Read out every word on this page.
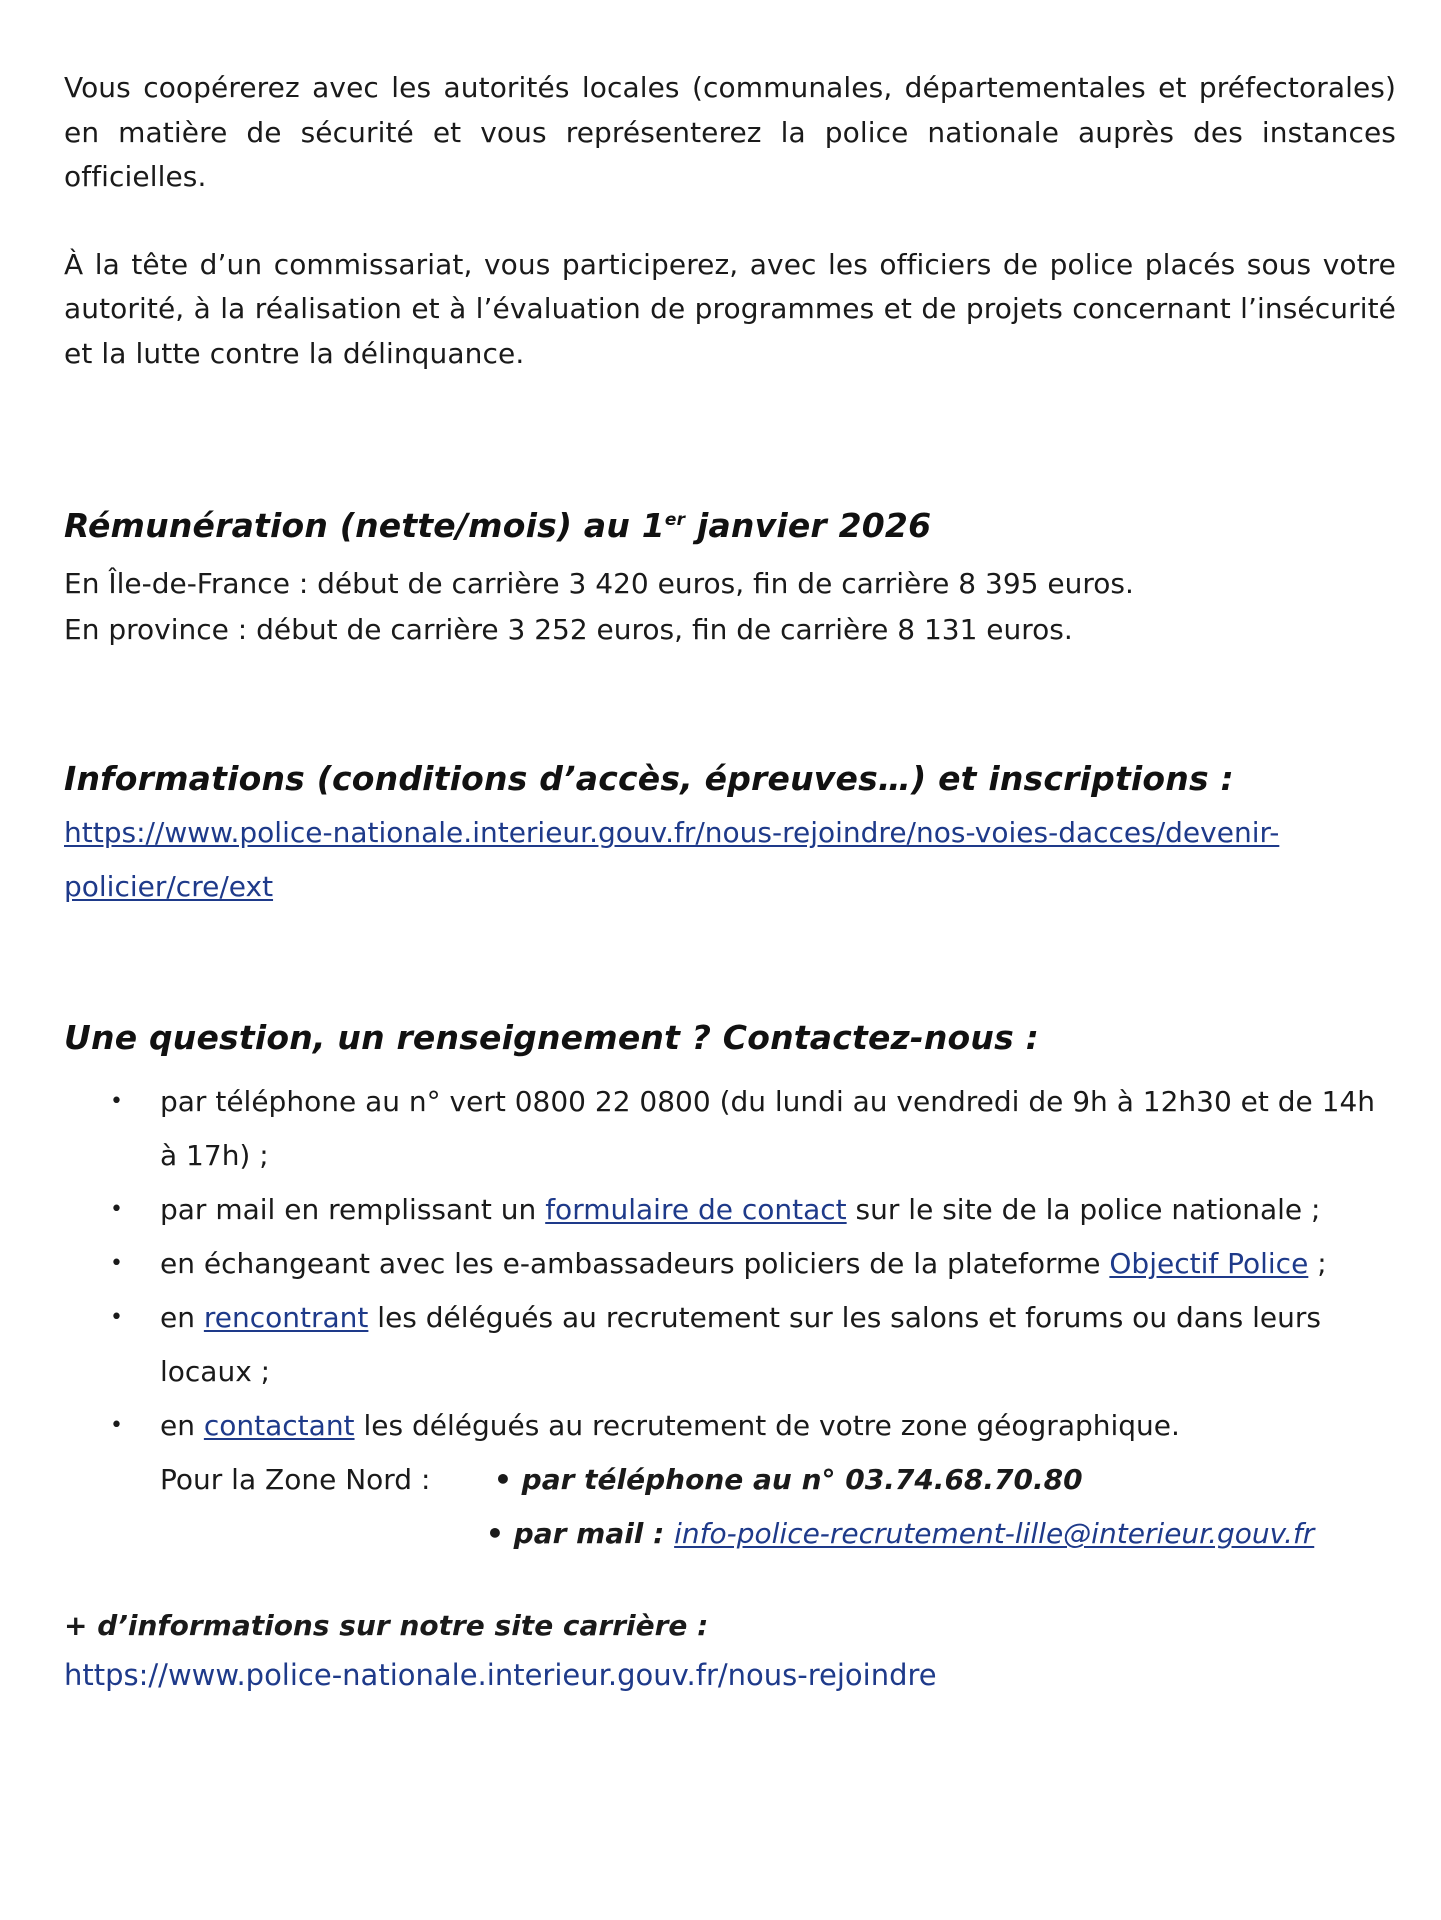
Vous coopérerez avec les autorités locales (communales, départementales et préfectorales) en matière de sécurité et vous représenterez la police nationale auprès des instances officielles.

À la tête d’un commissariat, vous participerez, avec les officiers de police placés sous votre autorité, à la réalisation et à l’évaluation de programmes et de projets concernant l’insécurité et la lutte contre la délinquance.

Rémunération (nette/mois) au 1er janvier 2026
En Île-de-France : début de carrière 3 420 euros, fin de carrière 8 395 euros.
En province : début de carrière 3 252 euros, fin de carrière 8 131 euros.
Informations (conditions d’accès, épreuves…) et inscriptions :
https://www.police-nationale.interieur.gouv.fr/nous-rejoindre/nos-voies-dacces/devenir-
policier/cre/ext
Une question, un renseignement ? Contactez-nous :
• par téléphone au n° vert 0800 22 0800 (du lundi au vendredi de 9h à 12h30 et de 14h à 17h) ;
• par mail en remplissant un formulaire de contact sur le site de la police nationale ;
• en échangeant avec les e-ambassadeurs policiers de la plateforme Objectif Police ;
• en rencontrant les délégués au recrutement sur les salons et forums ou dans leurs locaux ;
• en contactant les délégués au recrutement de votre zone géographique.
Pour la Zone Nord : • par téléphone au n° 03.74.68.70.80
• par mail : info-police-recrutement-lille@interieur.gouv.fr

+ d’informations sur notre site carrière :

https://www.police-nationale.interieur.gouv.fr/nous-rejoindre
